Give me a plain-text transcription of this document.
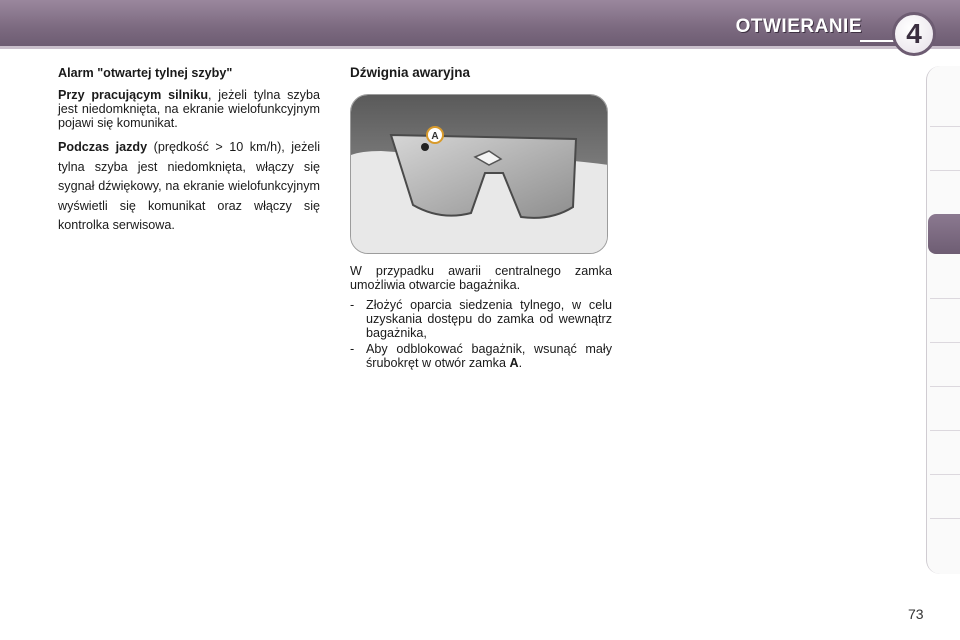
OTWIERANIE 4
Alarm "otwartej tylnej szyby"

Przy pracującym silniku, jeżeli tylna szyba jest niedomknięta, na ekranie wielofunkcyjnym pojawi się komunikat.

Podczas jazdy (prędkość > 10 km/h), jeżeli tylna szyba jest niedomknięta, włączy się sygnał dźwiękowy, na ekranie wielofunkcyjnym wyświetli się komunikat oraz włączy się kontrolka serwisowa.

Dźwignia awaryjna
A

W przypadku awarii centralnego zamka umożliwia otwarcie bagażnika.

- Złożyć oparcia siedzenia tylnego, w celu uzyskania dostępu do zamka od wewnątrz bagażnika,
- Aby odblokować bagażnik, wsunąć mały śrubokręt w otwór zamka A.
73
